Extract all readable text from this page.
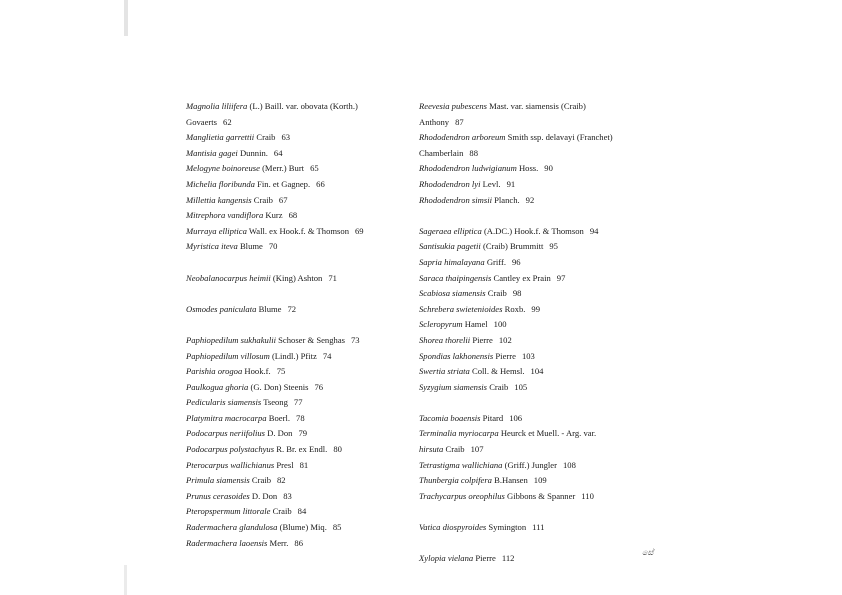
Magnolia liliifera (L.) Baill. var. obovata (Korth.)
Govaerts 62
Manglietia garrettii Craib 63
Mantisia gagei Dunnin. 64
Melogyne boinoreuse (Merr.) Burt 65
Michelia floribunda Fin. et Gagnep. 66
Millettia kangensis Craib 67
Mitrephora vandiflora Kurz 68
Murraya elliptica Wall. ex Hook.f. & Thomson 69
Myristica iteva Blume 70
Neobalanocarpus heimii (King) Ashton 71
Osmodes paniculata Blume 72
Paphiopedilum sukhakulii Schoser & Senghas 73
Paphiopedilum villosum (Lindl.) Pfitz 74
Parishia orogoa Hook.f. 75
Paulkogua ghoria (G. Don) Steenis 76
Pedicularis siamensis Tseong 77
Platymitra macrocarpa Boerl. 78
Podocarpus neriifolius D. Don 79
Podocarpus polystachyus R. Br. ex Endl. 80
Pterocarpus wallichianus Presl 81
Primula siamensis Craib 82
Prunus cerasoides D. Don 83
Pteropspermum littorale Craib 84
Radermachera glandulosa (Blume) Miq. 85
Radermachera laoensis Merr. 86
Reevesia pubescens Mast. var. siamensis (Craib)
Anthony 87
Rhododendron arboreum Smith ssp. delavayi (Franchet)
Chamberlain 88
Rhododendron ludwigianum Hoss. 90
Rhododendron lyi Levl. 91
Rhododendron simsii Planch. 92
Sageraea elliptica (A.DC.) Hook.f. & Thomson 94
Santisukia pagetii (Craib) Brummitt 95
Sapria himalayana Griff. 96
Saraca thaipingensis Cantley ex Prain 97
Scabiosa siamensis Craib 98
Schrebera swietenioides Roxb. 99
Scleropyrum Hamel 100
Shorea thorelii Pierre 102
Spondias lakhonensis Pierre 103
Swertia striata Coll. & Hemsl. 104
Syzygium siamensis Craib 105
Tacomia boaensis Pitard 106
Terminalia myriocarpa Heurck et Muell. - Arg. var.
hirsuta Craib 107
Tetrastigma wallichiana (Griff.) Jungler 108
Thunbergia colpifera B.Hansen 109
Trachycarpus oreophilus Gibbons & Spanner 110
Vatica diospyroides Symington 111
Xylopia vielana Pierre 112
සේ
